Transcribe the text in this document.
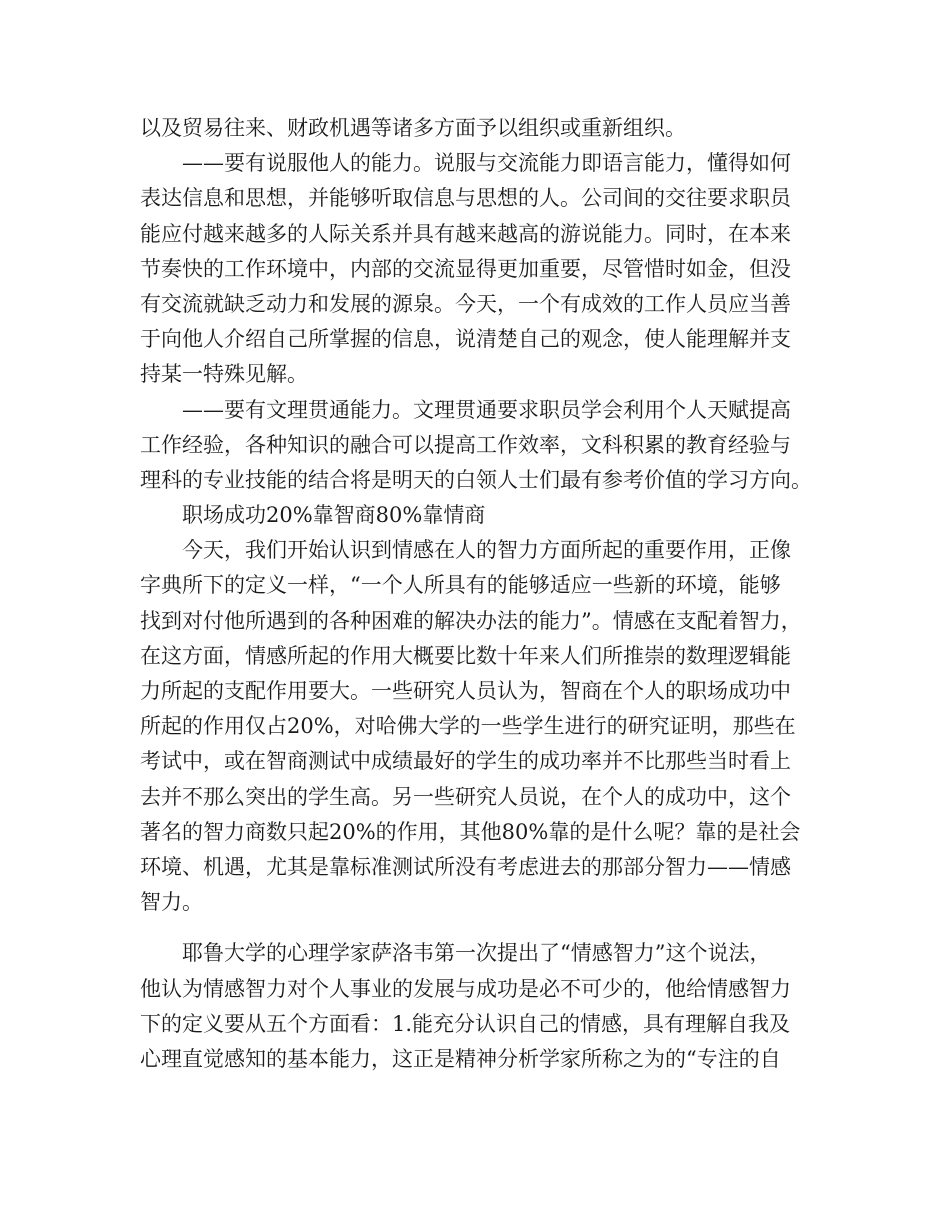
以及贸易往来、财政机遇等诸多方面予以组织或重新组织。
——要有说服他人的能力。说服与交流能力即语言能力，懂得如何
表达信息和思想，并能够听取信息与思想的人。公司间的交往要求职员
能应付越来越多的人际关系并具有越来越高的游说能力。同时，在本来
节奏快的工作环境中，内部的交流显得更加重要，尽管惜时如金，但没
有交流就缺乏动力和发展的源泉。今天，一个有成效的工作人员应当善
于向他人介绍自己所掌握的信息，说清楚自己的观念，使人能理解并支
持某一特殊见解。
——要有文理贯通能力。文理贯通要求职员学会利用个人天赋提高
工作经验，各种知识的融合可以提高工作效率，文科积累的教育经验与
理科的专业技能的结合将是明天的白领人士们最有参考价值的学习方向。
职场成功20%靠智商80%靠情商
今天，我们开始认识到情感在人的智力方面所起的重要作用，正像
字典所下的定义一样，“一个人所具有的能够适应一些新的环境，能够
找到对付他所遇到的各种困难的解决办法的能力”。情感在支配着智力，
在这方面，情感所起的作用大概要比数十年来人们所推崇的数理逻辑能
力所起的支配作用要大。一些研究人员认为，智商在个人的职场成功中
所起的作用仅占20%，对哈佛大学的一些学生进行的研究证明，那些在
考试中，或在智商测试中成绩最好的学生的成功率并不比那些当时看上
去并不那么突出的学生高。另一些研究人员说，在个人的成功中，这个
著名的智力商数只起20%的作用，其他80%靠的是什么呢？靠的是社会
环境、机遇，尤其是靠标准测试所没有考虑进去的那部分智力——情感
智力。
耶鲁大学的心理学家萨洛韦第一次提出了“情感智力”这个说法，
他认为情感智力对个人事业的发展与成功是必不可少的，他给情感智力
下的定义要从五个方面看：1.能充分认识自己的情感，具有理解自我及
心理直觉感知的基本能力，这正是精神分析学家所称之为的“专注的自
